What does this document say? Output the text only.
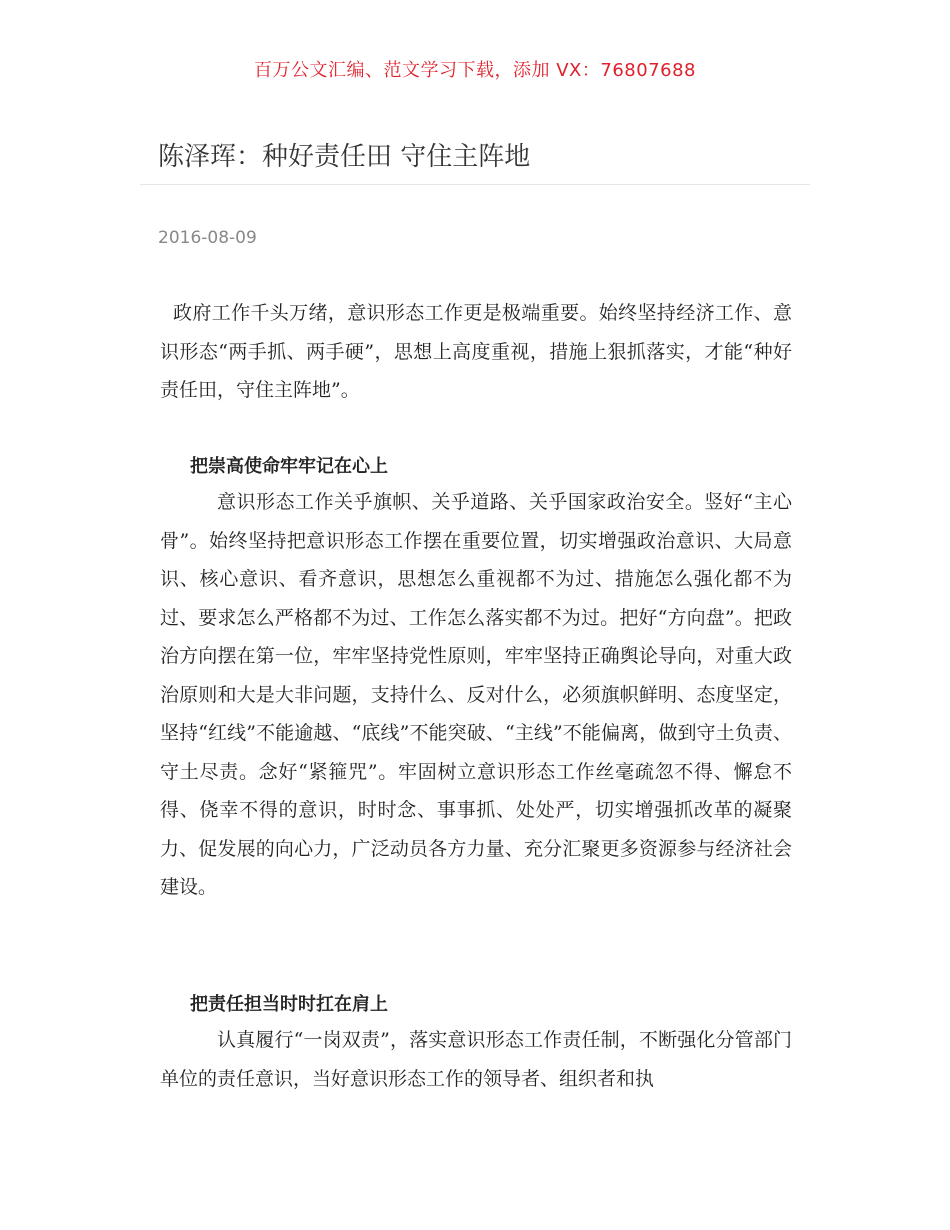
百万公文汇编、范文学习下载，添加 VX：76807688
陈泽珲：种好责任田 守住主阵地
2016-08-09

政府工作千头万绪，意识形态工作更是极端重要。始终坚持经济工作、意识形态“两手抓、两手硬”，思想上高度重视，措施上狠抓落实，才能“种好责任田，守住主阵地”。

把崇高使命牢牢记在心上

意识形态工作关乎旗帜、关乎道路、关乎国家政治安全。竖好“主心骨”。始终坚持把意识形态工作摆在重要位置，切实增强政治意识、大局意识、核心意识、看齐意识，思想怎么重视都不为过、措施怎么强化都不为过、要求怎么严格都不为过、工作怎么落实都不为过。把好“方向盘”。把政治方向摆在第一位，牢牢坚持党性原则，牢牢坚持正确舆论导向，对重大政治原则和大是大非问题，支持什么、反对什么，必须旗帜鲜明、态度坚定，坚持“红线”不能逾越、“底线”不能突破、“主线”不能偏离，做到守土负责、守土尽责。念好“紧箍咒”。牢固树立意识形态工作丝毫疏忽不得、懈怠不得、侥幸不得的意识，时时念、事事抓、处处严，切实增强抓改革的凝聚力、促发展的向心力，广泛动员各方力量、充分汇聚更多资源参与经济社会建设。

把责任担当时时扛在肩上

认真履行“一岗双责”，落实意识形态工作责任制，不断强化分管部门单位的责任意识，当好意识形态工作的领导者、组织者和执
